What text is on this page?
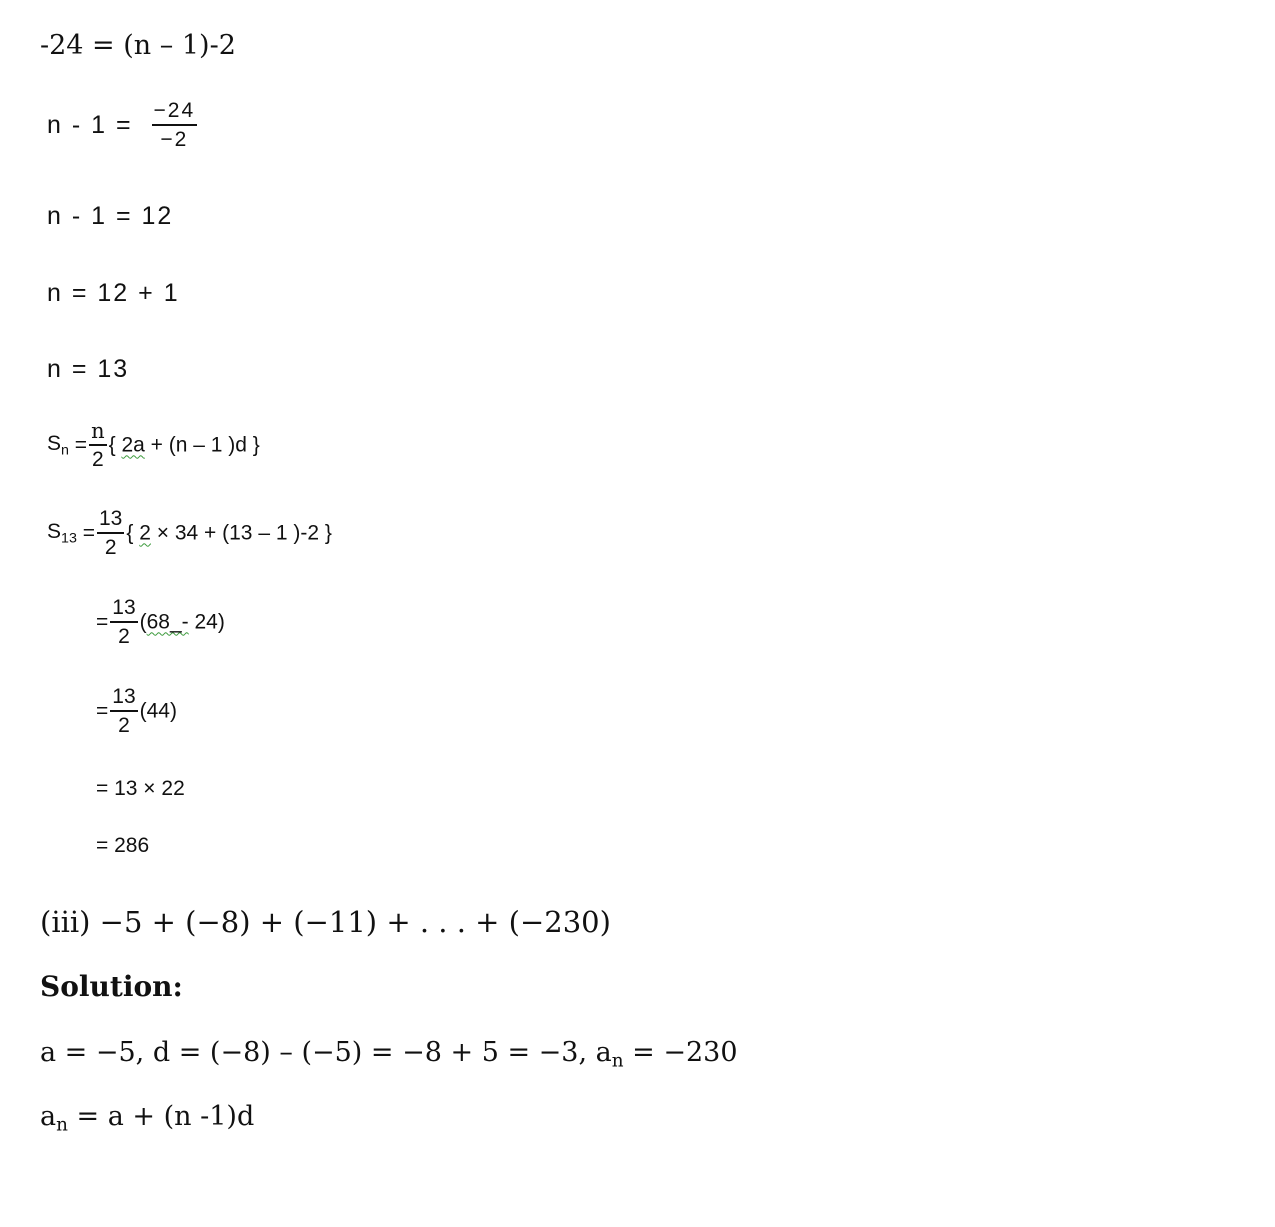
-24 = (n – 1)-2
$n - 1 = \frac{-24}{-2}$
n - 1 = 12
n = 12 + 1
n = 13
$S_n = \frac{n}{2}$ { 2a + (n – 1 )d }
$S_{13} = \frac{13}{2}$ { 2 × 34 + (13 – 1 )-2 }
= $\frac{13}{2}$ (68_- 24)
= $\frac{13}{2} (44)$
= 13 × 22
= 286
(iii) −5 + (−8) + (−11) + . . . + (−230)
Solution:
a = −5, d = (−8) – (−5) = −8 + 5 = −3, $a_n = -230$
$a_n = a + (n$ -1)d
